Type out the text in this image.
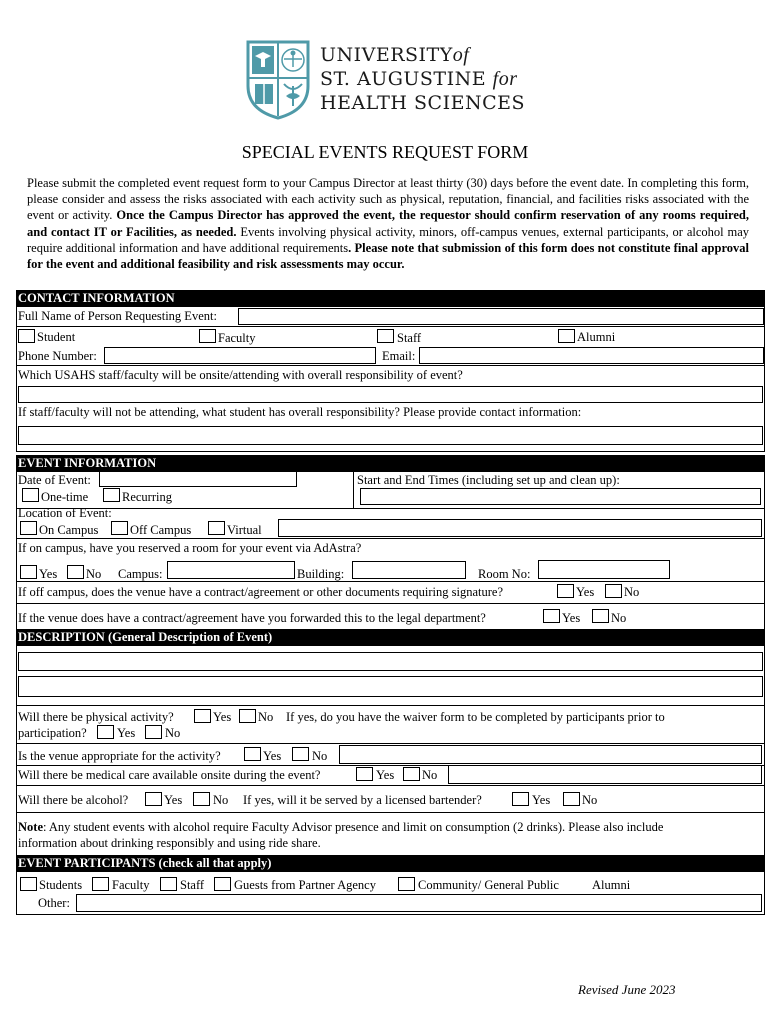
UNIVERSITYof
ST. AUGUSTINE for
HEALTH SCIENCES
SPECIAL EVENTS REQUEST FORM
Please submit the completed event request form to your Campus Director at least thirty (30) days before the event date. In completing this form, please consider and assess the risks associated with each activity such as physical, reputation, financial, and facilities risks associated with the event or activity. Once the Campus Director has approved the event, the requestor should confirm reservation of any rooms required, and contact IT or Facilities, as needed. Events involving physical activity, minors, off-campus venues, external participants, or alcohol may require additional information and have additional requirements. Please note that submission of this form does not constitute final approval for the event and additional feasibility and risk assessments may occur.
CONTACT INFORMATION
Full Name of Person Requesting Event:
Student	Faculty	Staff	Alumni
Phone Number:	Email:
Which USAHS staff/faculty will be onsite/attending with overall responsibility of event?
If staff/faculty will not be attending, what student has overall responsibility? Please provide contact information:
EVENT INFORMATION
Date of Event:	Start and End Times (including set up and clean up):
One-time	Recurring
Location of Event:
On Campus	Off Campus	Virtual
If on campus, have you reserved a room for your event via AdAstra?
Yes No Campus:	Building:	Room No:
If off campus, does the venue have a contract/agreement or other documents requiring signature?	Yes No
If the venue does have a contract/agreement have you forwarded this to the legal department?	Yes No
DESCRIPTION (General Description of Event)
Will there be physical activity?	Yes No If yes, do you have the waiver form to be completed by participants prior to
participation? Yes No
Is the venue appropriate for the activity?	Yes No
Will there be medical care available onsite during the event?	Yes No
Will there be alcohol?	Yes No If yes, will it be served by a licensed bartender?	Yes	No
Note: Any student events with alcohol require Faculty Advisor presence and limit on consumption (2 drinks). Please also include
information about drinking responsibly and using ride share.
EVENT PARTICIPANTS (check all that apply)
Students Faculty Staff Guests from Partner Agency	Community/ General Public	Alumni
Other:
Revised June 2023
